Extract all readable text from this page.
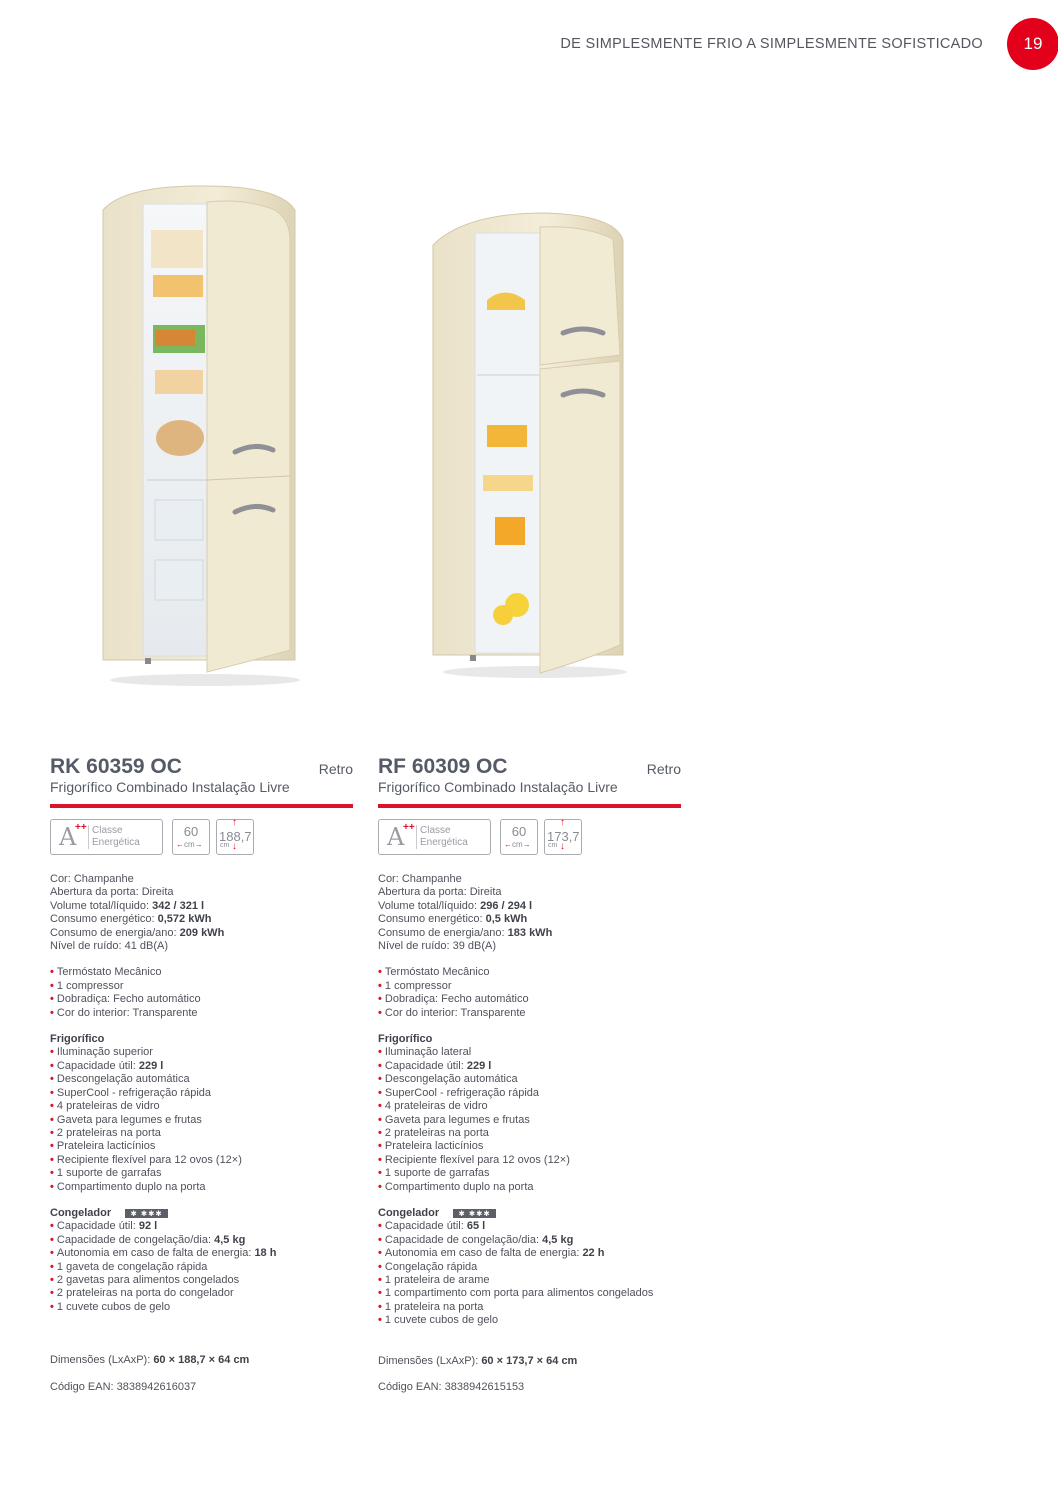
DE SIMPLESMENTE FRIO A SIMPLESMENTE SOFISTICADO	19
RK 60359 OC	Retro
Frigorífico Combinado Instalação Livre
A
++ Classe Energética
60
←cm→
↑
188,7
cm ↓
Cor: Champanhe
Abertura da porta: Direita
Volume total/líquido: 342 / 321 l
Consumo energético: 0,572 kWh
Consumo de energia/ano: 209 kWh
Nível de ruído: 41 dB(A)
• Termóstato Mecânico
• 1 compressor
• Dobradiça: Fecho automático
• Cor do interior: Transparente
Frigorífico
• Iluminação superior
• Capacidade útil: 229 l
• Descongelação automática
• SuperCool - refrigeração rápida
• 4 prateleiras de vidro
• Gaveta para legumes e frutas
• 2 prateleiras na porta
• Prateleira lacticínios
• Recipiente flexível para 12 ovos (12×)
• 1 suporte de garrafas
• Compartimento duplo na porta
Congelador	✱ ✱✱✱
• Capacidade útil: 92 l
• Capacidade de congelação/dia: 4,5 kg
• Autonomia em caso de falta de energia: 18 h
• 1 gaveta de congelação rápida
• 2 gavetas para alimentos congelados
• 2 prateleiras na porta do congelador
• 1 cuvete cubos de gelo
Dimensões (LxAxP): 60 × 188,7 × 64 cm
Código EAN: 3838942616037
RF 60309 OC	Retro
Frigorífico Combinado Instalação Livre
A
++ Classe Energética
60
←cm→
↑
173,7
cm ↓
Cor: Champanhe
Abertura da porta: Direita
Volume total/líquido: 296 / 294 l
Consumo energético: 0,5 kWh
Consumo de energia/ano: 183 kWh
Nível de ruído: 39 dB(A)
• Termóstato Mecânico
• 1 compressor
• Dobradiça: Fecho automático
• Cor do interior: Transparente
Frigorífico
• Iluminação lateral
• Capacidade útil: 229 l
• Descongelação automática
• SuperCool - refrigeração rápida
• 4 prateleiras de vidro
• Gaveta para legumes e frutas
• 2 prateleiras na porta
• Prateleira lacticínios
• Recipiente flexível para 12 ovos (12×)
• 1 suporte de garrafas
• Compartimento duplo na porta
Congelador	✱ ✱✱✱
• Capacidade útil: 65 l
• Capacidade de congelação/dia: 4,5 kg
• Autonomia em caso de falta de energia: 22 h
• Congelação rápida
• 1 prateleira de arame
• 1 compartimento com porta para alimentos congelados
• 1 prateleira na porta
• 1 cuvete cubos de gelo
Dimensões (LxAxP): 60 × 173,7 × 64 cm
Código EAN: 3838942615153
